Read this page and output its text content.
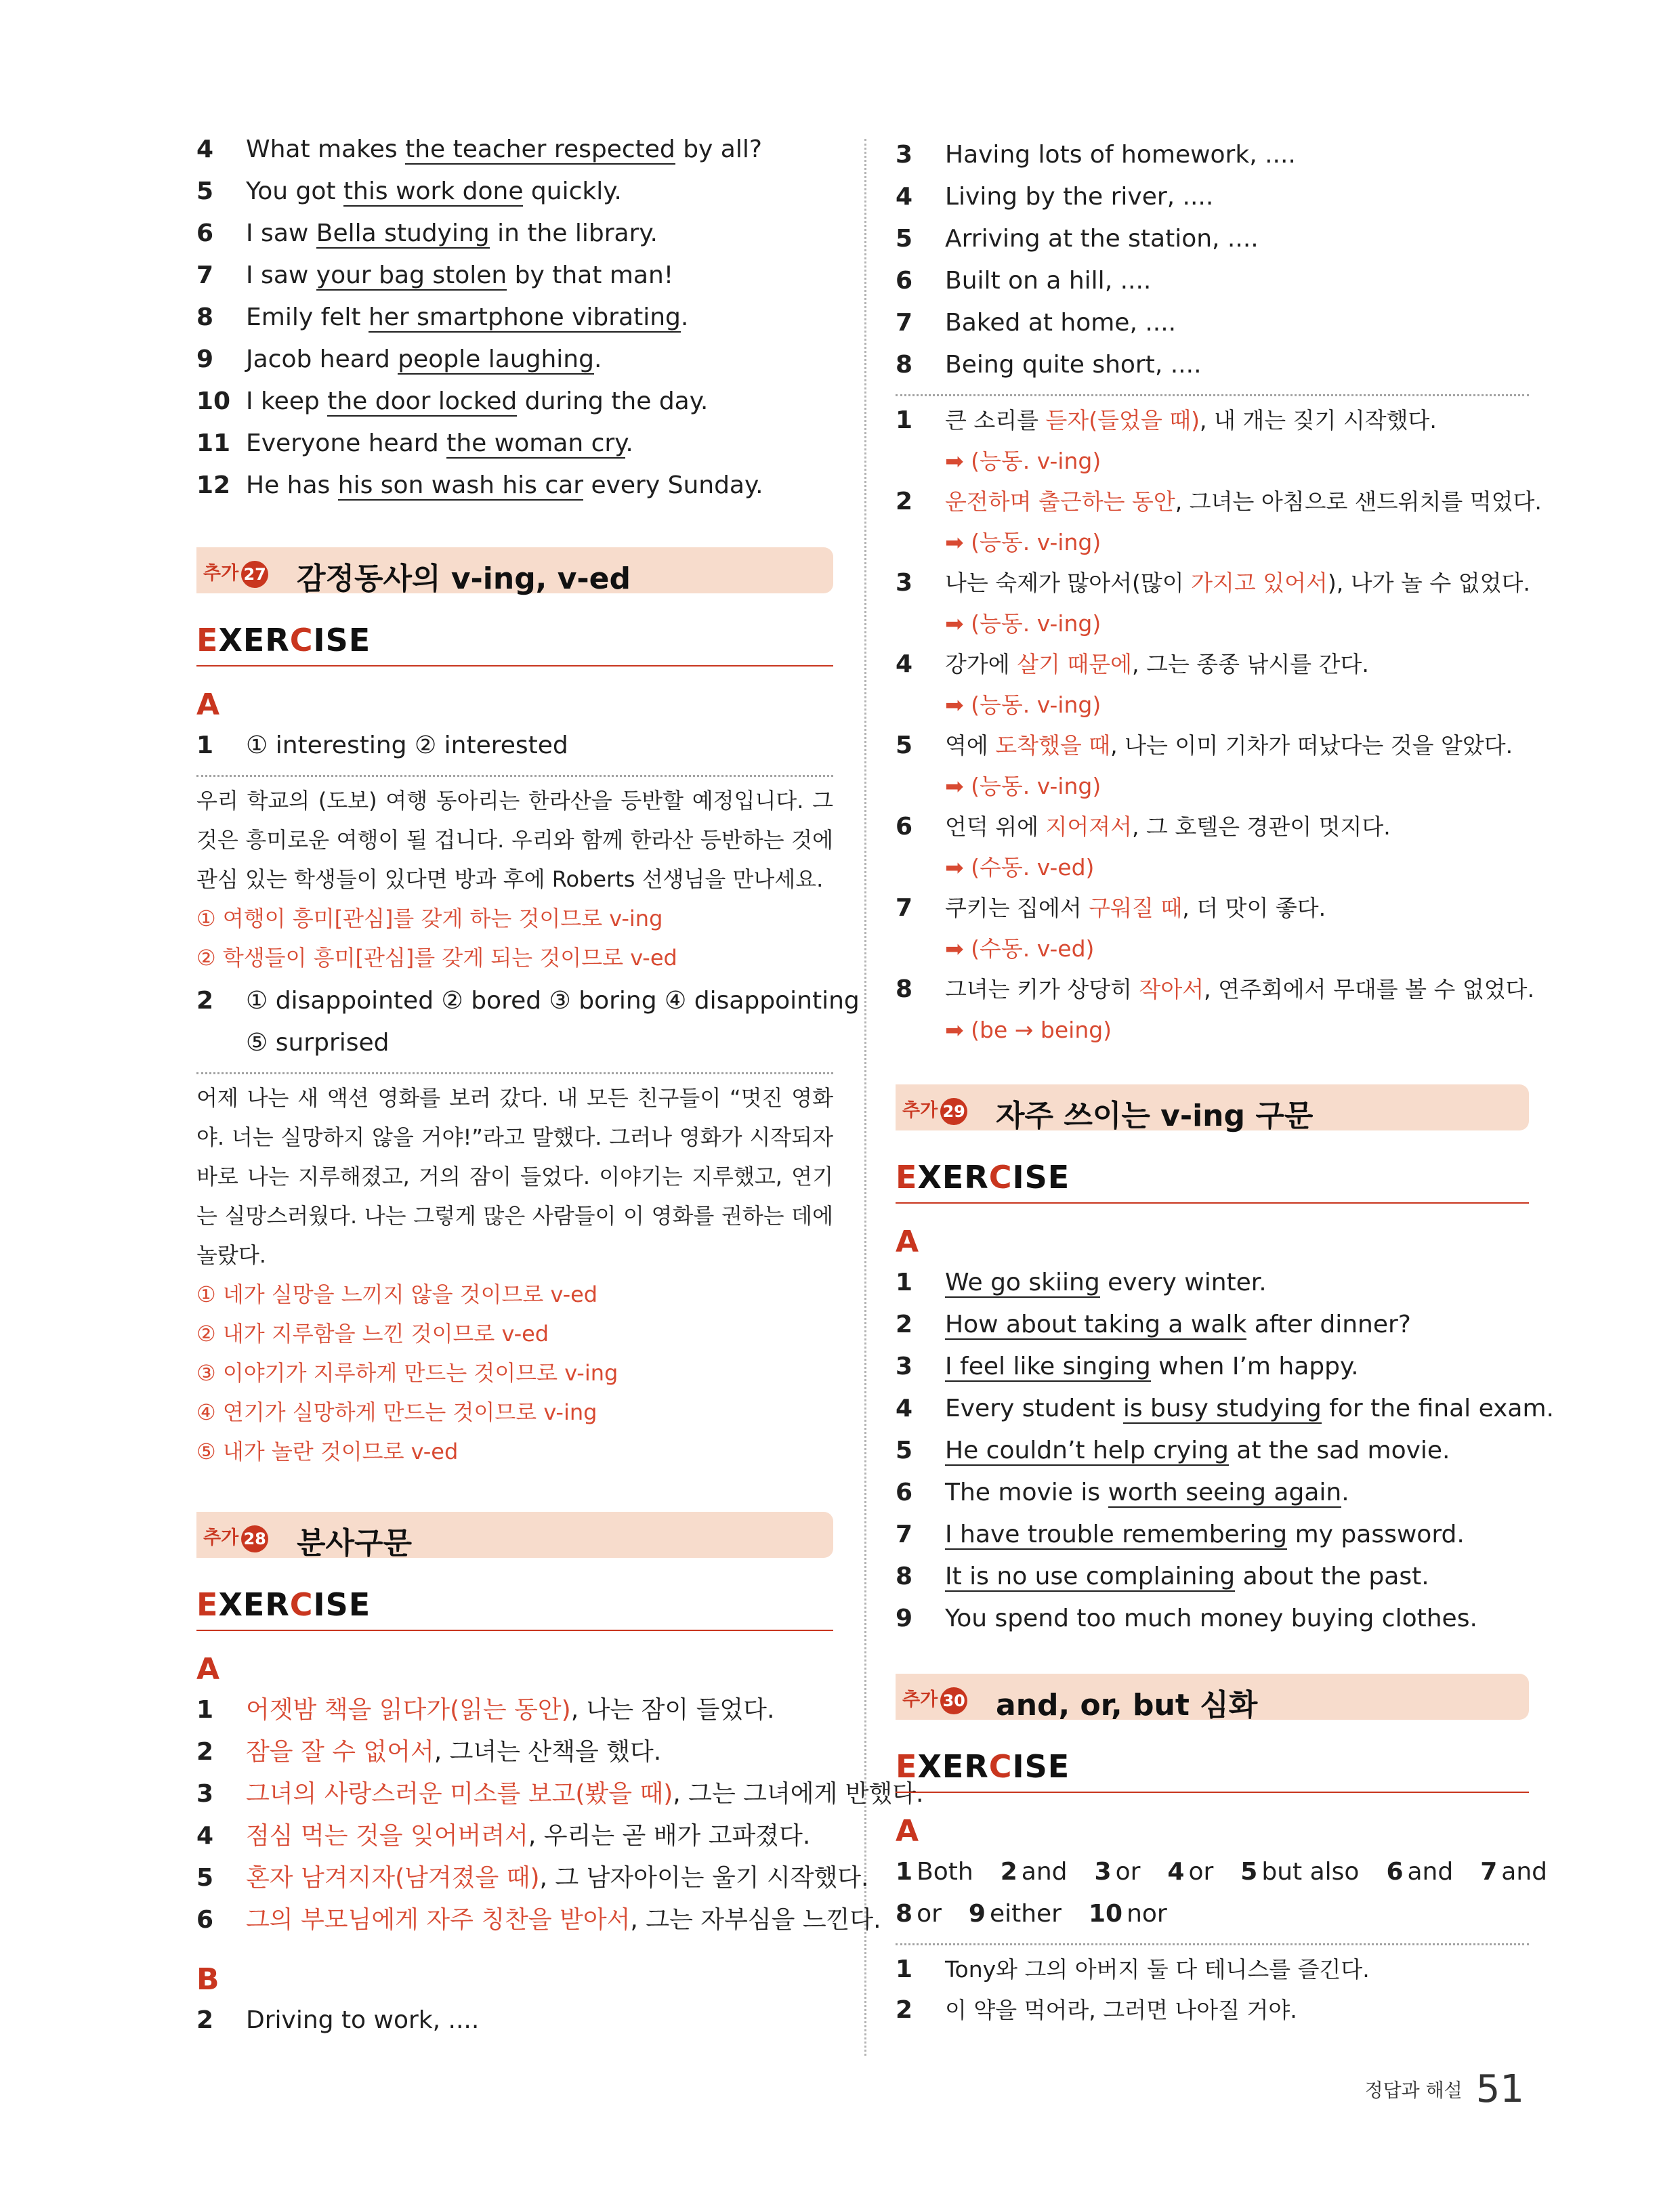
4 What makes the teacher respected by all?
5 You got this work done quickly.
6 I saw Bella studying in the library.
7 I saw your bag stolen by that man!
8 Emily felt her smartphone vibrating.
9 Jacob heard people laughing.
10 I keep the door locked during the day.
11 Everyone heard the woman cry.
12 He has his son wash his car every Sunday.
추가 27 감정동사의 v-ing, v-ed
EXERCISE
A
1 ① interesting ② interested
우리 학교의 (도보) 여행 동아리는 한라산을 등반할 예정입니다. 그것은 흥미로운 여행이 될 겁니다. 우리와 함께 한라산 등반하는 것에 관심 있는 학생들이 있다면 방과 후에 Roberts 선생님을 만나세요.
① 여행이 흥미[관심]를 갖게 하는 것이므로 v-ing
② 학생들이 흥미[관심]를 갖게 되는 것이므로 v-ed
2 ① disappointed ② bored ③ boring ④ disappointing
⑤ surprised
어제 나는 새 액션 영화를 보러 갔다. 내 모든 친구들이 “멋진 영화야. 너는 실망하지 않을 거야!”라고 말했다. 그러나 영화가 시작되자 바로 나는 지루해졌고, 거의 잠이 들었다. 이야기는 지루했고, 연기는 실망스러웠다. 나는 그렇게 많은 사람들이 이 영화를 권하는 데에 놀랐다.
① 네가 실망을 느끼지 않을 것이므로 v-ed
② 내가 지루함을 느낀 것이므로 v-ed
③ 이야기가 지루하게 만드는 것이므로 v-ing
④ 연기가 실망하게 만드는 것이므로 v-ing
⑤ 내가 놀란 것이므로 v-ed
추가 28 분사구문
EXERCISE
A
1 어젯밤 책을 읽다가(읽는 동안), 나는 잠이 들었다.
2 잠을 잘 수 없어서, 그녀는 산책을 했다.
3 그녀의 사랑스러운 미소를 보고(봤을 때), 그는 그녀에게 반했다.
4 점심 먹는 것을 잊어버려서, 우리는 곧 배가 고파졌다.
5 혼자 남겨지자(남겨졌을 때), 그 남자아이는 울기 시작했다.
6 그의 부모님에게 자주 칭찬을 받아서, 그는 자부심을 느낀다.
B
2 Driving to work, ....
3 Having lots of homework, ....
4 Living by the river, ....
5 Arriving at the station, ....
6 Built on a hill, ....
7 Baked at home, ....
8 Being quite short, ....
1 큰 소리를 듣자(들었을 때), 내 개는 짖기 시작했다.
➡ (능동. v-ing)
2 운전하며 출근하는 동안, 그녀는 아침으로 샌드위치를 먹었다.
➡ (능동. v-ing)
3 나는 숙제가 많아서(많이 가지고 있어서), 나가 놀 수 없었다.
➡ (능동. v-ing)
4 강가에 살기 때문에, 그는 종종 낚시를 간다.
➡ (능동. v-ing)
5 역에 도착했을 때, 나는 이미 기차가 떠났다는 것을 알았다.
➡ (능동. v-ing)
6 언덕 위에 지어져서, 그 호텔은 경관이 멋지다.
➡ (수동. v-ed)
7 쿠키는 집에서 구워질 때, 더 맛이 좋다.
➡ (수동. v-ed)
8 그녀는 키가 상당히 작아서, 연주회에서 무대를 볼 수 없었다.
➡ (be → being)
추가 29 자주 쓰이는 v-ing 구문
EXERCISE
A
1 We go skiing every winter.
2 How about taking a walk after dinner?
3 I feel like singing when I’m happy.
4 Every student is busy studying for the final exam.
5 He couldn’t help crying at the sad movie.
6 The movie is worth seeing again.
7 I have trouble remembering my password.
8 It is no use complaining about the past.
9 You spend too much money buying clothes.
추가 30 and, or, but 심화
EXERCISE
A
1 Both 2 and 3 or 4 or 5 but also 6 and 7 and
8 or 9 either 10 nor
1 Tony와 그의 아버지 둘 다 테니스를 즐긴다.
2 이 약을 먹어라, 그러면 나아질 거야.
정답과 해설 51
